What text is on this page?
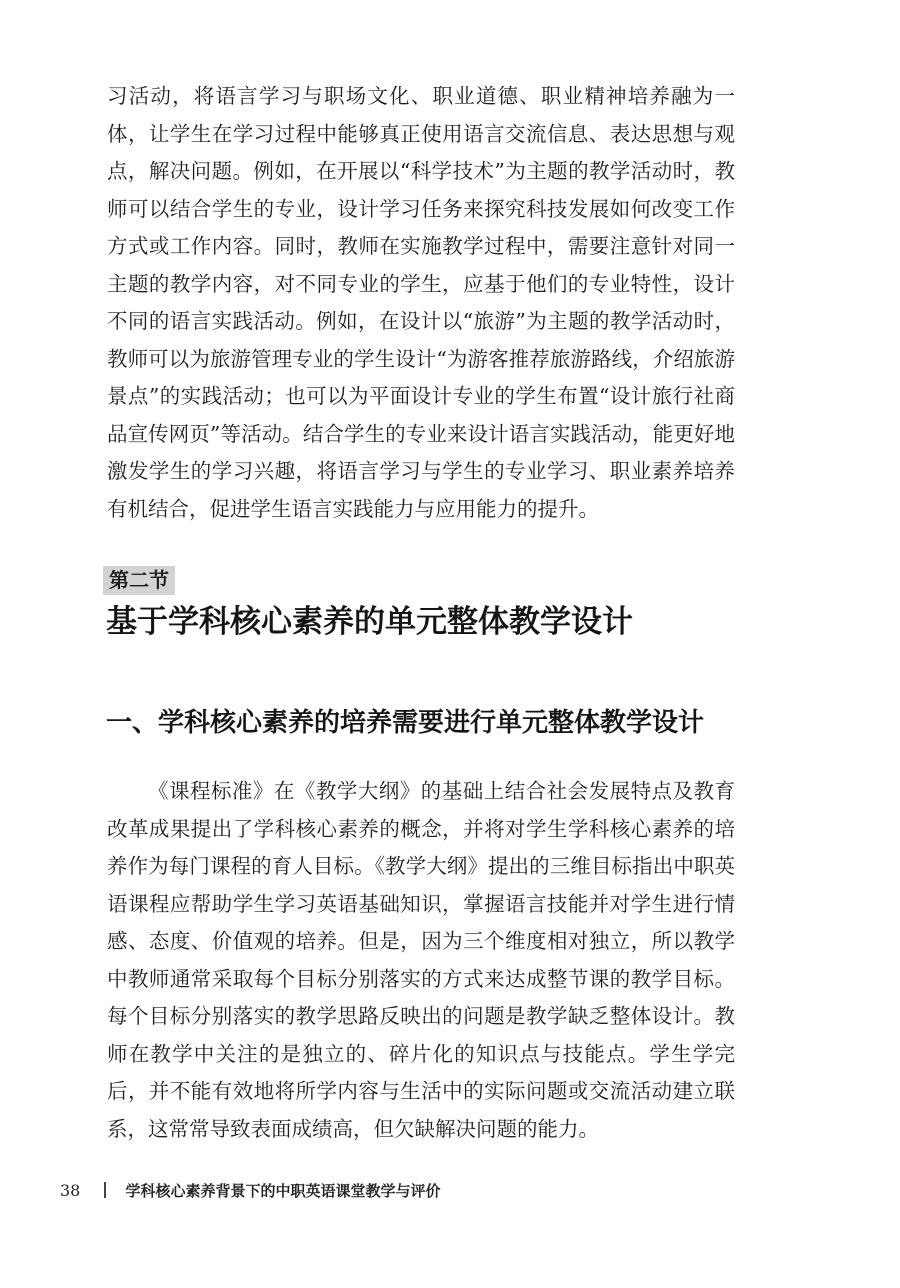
习活动，将语言学习与职场文化、职业道德、职业精神培养融为一体，让学生在学习过程中能够真正使用语言交流信息、表达思想与观点，解决问题。例如，在开展以“科学技术”为主题的教学活动时，教师可以结合学生的专业，设计学习任务来探究科技发展如何改变工作方式或工作内容。同时，教师在实施教学过程中，需要注意针对同一主题的教学内容，对不同专业的学生，应基于他们的专业特性，设计不同的语言实践活动。例如，在设计以“旅游”为主题的教学活动时，教师可以为旅游管理专业的学生设计“为游客推荐旅游路线，介绍旅游景点”的实践活动；也可以为平面设计专业的学生布置“设计旅行社商品宣传网页”等活动。结合学生的专业来设计语言实践活动，能更好地激发学生的学习兴趣，将语言学习与学生的专业学习、职业素养培养有机结合，促进学生语言实践能力与应用能力的提升。

第二节
基于学科核心素养的单元整体教学设计
一、学科核心素养的培养需要进行单元整体教学设计

《课程标准》在《教学大纲》的基础上结合社会发展特点及教育改革成果提出了学科核心素养的概念，并将对学生学科核心素养的培养作为每门课程的育人目标。《教学大纲》提出的三维目标指出中职英语课程应帮助学生学习英语基础知识，掌握语言技能并对学生进行情感、态度、价值观的培养。但是，因为三个维度相对独立，所以教学中教师通常采取每个目标分别落实的方式来达成整节课的教学目标。每个目标分别落实的教学思路反映出的问题是教学缺乏整体设计。教师在教学中关注的是独立的、碎片化的知识点与技能点。学生学完后，并不能有效地将所学内容与生活中的实际问题或交流活动建立联系，这常常导致表面成绩高，但欠缺解决问题的能力。

38	学科核心素养背景下的中职英语课堂教学与评价
